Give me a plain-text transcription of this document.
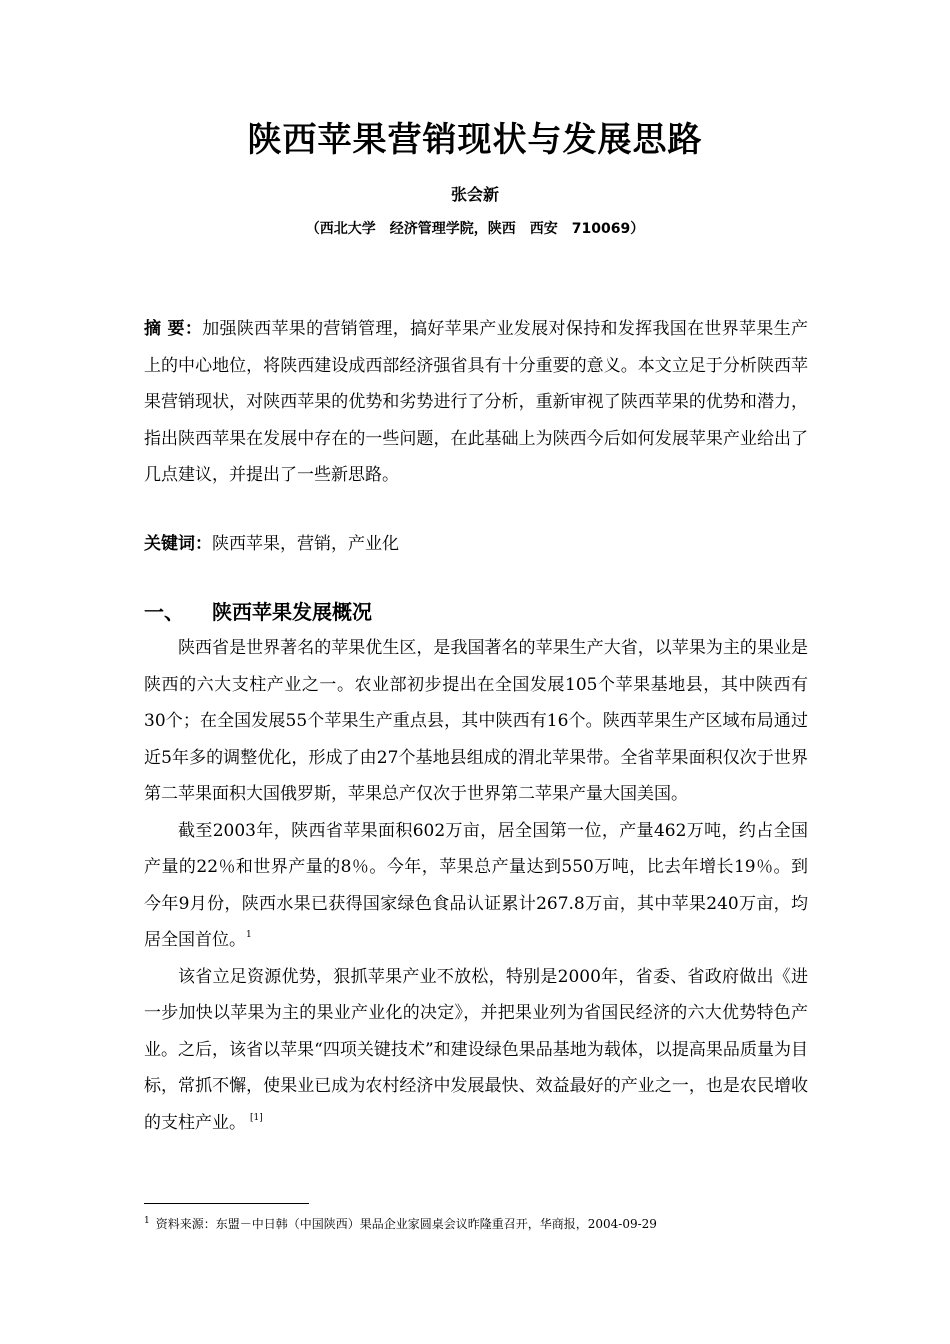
陕西苹果营销现状与发展思路
张会新
（西北大学　经济管理学院，陕西　西安　710069）
摘 要：加强陕西苹果的营销管理，搞好苹果产业发展对保持和发挥我国在世界苹果生产上的中心地位，将陕西建设成西部经济强省具有十分重要的意义。本文立足于分析陕西苹果营销现状，对陕西苹果的优势和劣势进行了分析，重新审视了陕西苹果的优势和潜力，指出陕西苹果在发展中存在的一些问题，在此基础上为陕西今后如何发展苹果产业给出了几点建议，并提出了一些新思路。
关键词：陕西苹果，营销，产业化
一、 陕西苹果发展概况

陕西省是世界著名的苹果优生区，是我国著名的苹果生产大省，以苹果为主的果业是陕西的六大支柱产业之一。农业部初步提出在全国发展105个苹果基地县，其中陕西有30个；在全国发展55个苹果生产重点县，其中陕西有16个。陕西苹果生产区域布局通过近5年多的调整优化，形成了由27个基地县组成的渭北苹果带。全省苹果面积仅次于世界第二苹果面积大国俄罗斯，苹果总产仅次于世界第二苹果产量大国美国。

截至2003年，陕西省苹果面积602万亩，居全国第一位，产量462万吨，约占全国产量的22％和世界产量的8％。今年，苹果总产量达到550万吨，比去年增长19％。到今年9月份，陕西水果已获得国家绿色食品认证累计267.8万亩，其中苹果240万亩，均居全国首位。$^1$

该省立足资源优势，狠抓苹果产业不放松，特别是2000年，省委、省政府做出《进一步加快以苹果为主的果业产业化的决定》，并把果业列为省国民经济的六大优势特色产业。之后，该省以苹果“四项关键技术”和建设绿色果品基地为载体，以提高果品质量为目标，常抓不懈，使果业已成为农村经济中发展最快、效益最好的产业之一，也是农民增收的支柱产业。 [1]

$^1$ 资料来源：东盟－中日韩（中国陕西）果品企业家圆桌会议昨隆重召开，华商报，2004-09-29
